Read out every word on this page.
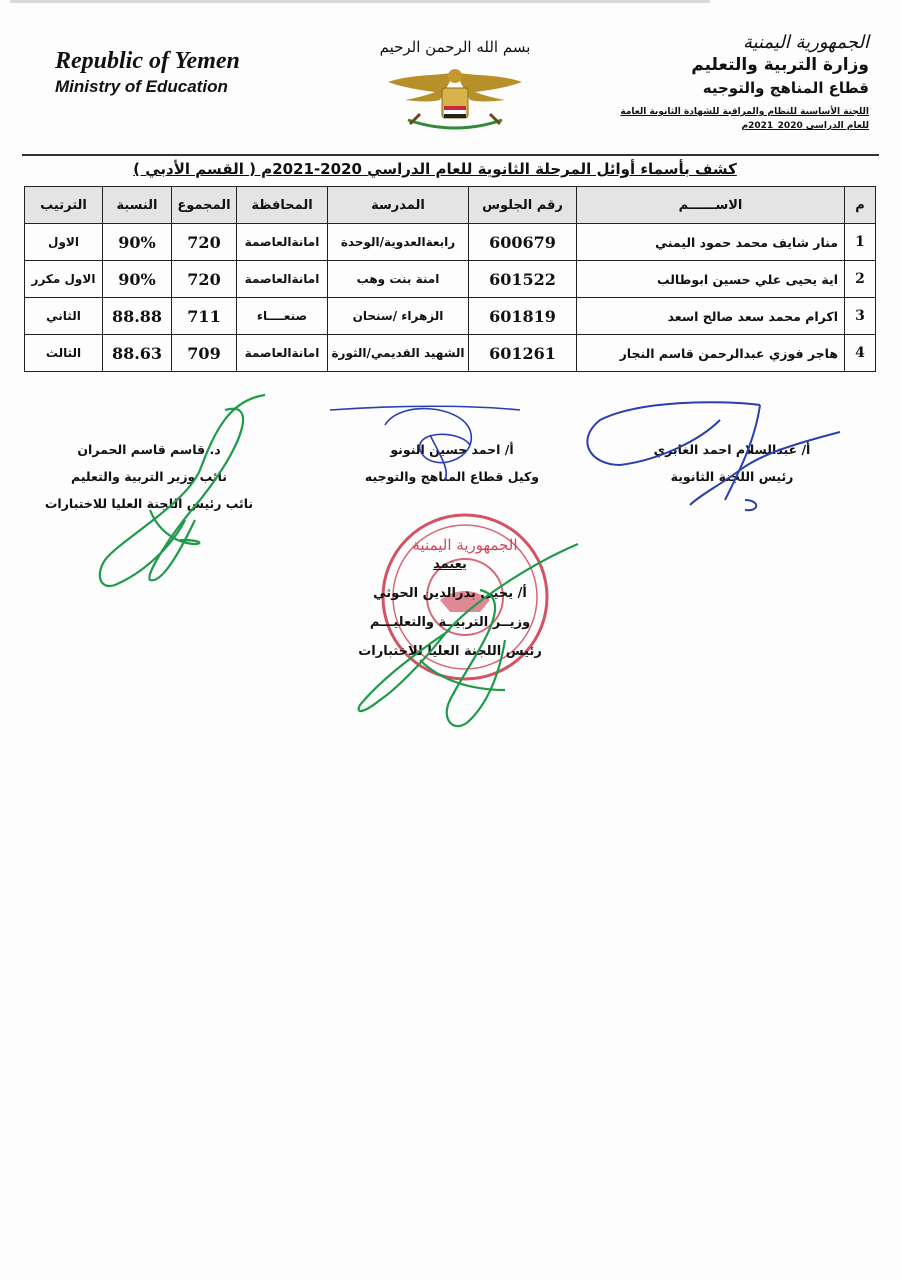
Republic of Yemen
Ministry of Education
بسم الله الرحمن الرحيم	الجمهورية اليمنية
وزارة التربية والتعليم
قطاع المناهج والتوجيه
اللجنة الأساسية للنظام والمراقبة للشهادة الثانوية العامة
للعام الدراسي 2020_2021م
كشف بأسماء أوائل المرحلة الثانوية للعام الدراسي 2020-2021م ( القسم الأدبي )
م	الاســــــم	رقم الجلوس	المدرسة	المحافظة	المجموع	النسبة	الترتيب
1	منار شايف محمد حمود اليمني	600679	رابعةالعدوية/الوحدة	امانةالعاصمة	720	90%	الاول
2	اية يحيى علي حسين ابوطالب	601522	امنة بنت وهب	امانةالعاصمة	720	90%	الاول مكرر
3	اكرام محمد سعد صالح اسعد	601819	الزهراء /سنحان	صنعــــاء	711	88.88	الثاني
4	هاجر فوزي عبدالرحمن قاسم النجار	601261	الشهيد القديمي/الثورة	امانةالعاصمة	709	88.63	الثالث
الجمهورية اليمنية
أ/ عبدالسلام احمد الغابري
رئيس اللجنة الثانوية
أ/ احمد حسين النونو
وكيل قطاع المناهج والتوجيه
د. قاسم قاسم الحمران
نائب وزير التربية والتعليم
نائب رئيس اللجنة العليا للاختبارات
يعتمد
أ/ يحيى بدرالدين الحوثي
وزيــر التربيــة والتعليـــم
رئيس اللجنة العليا للاختبارات
